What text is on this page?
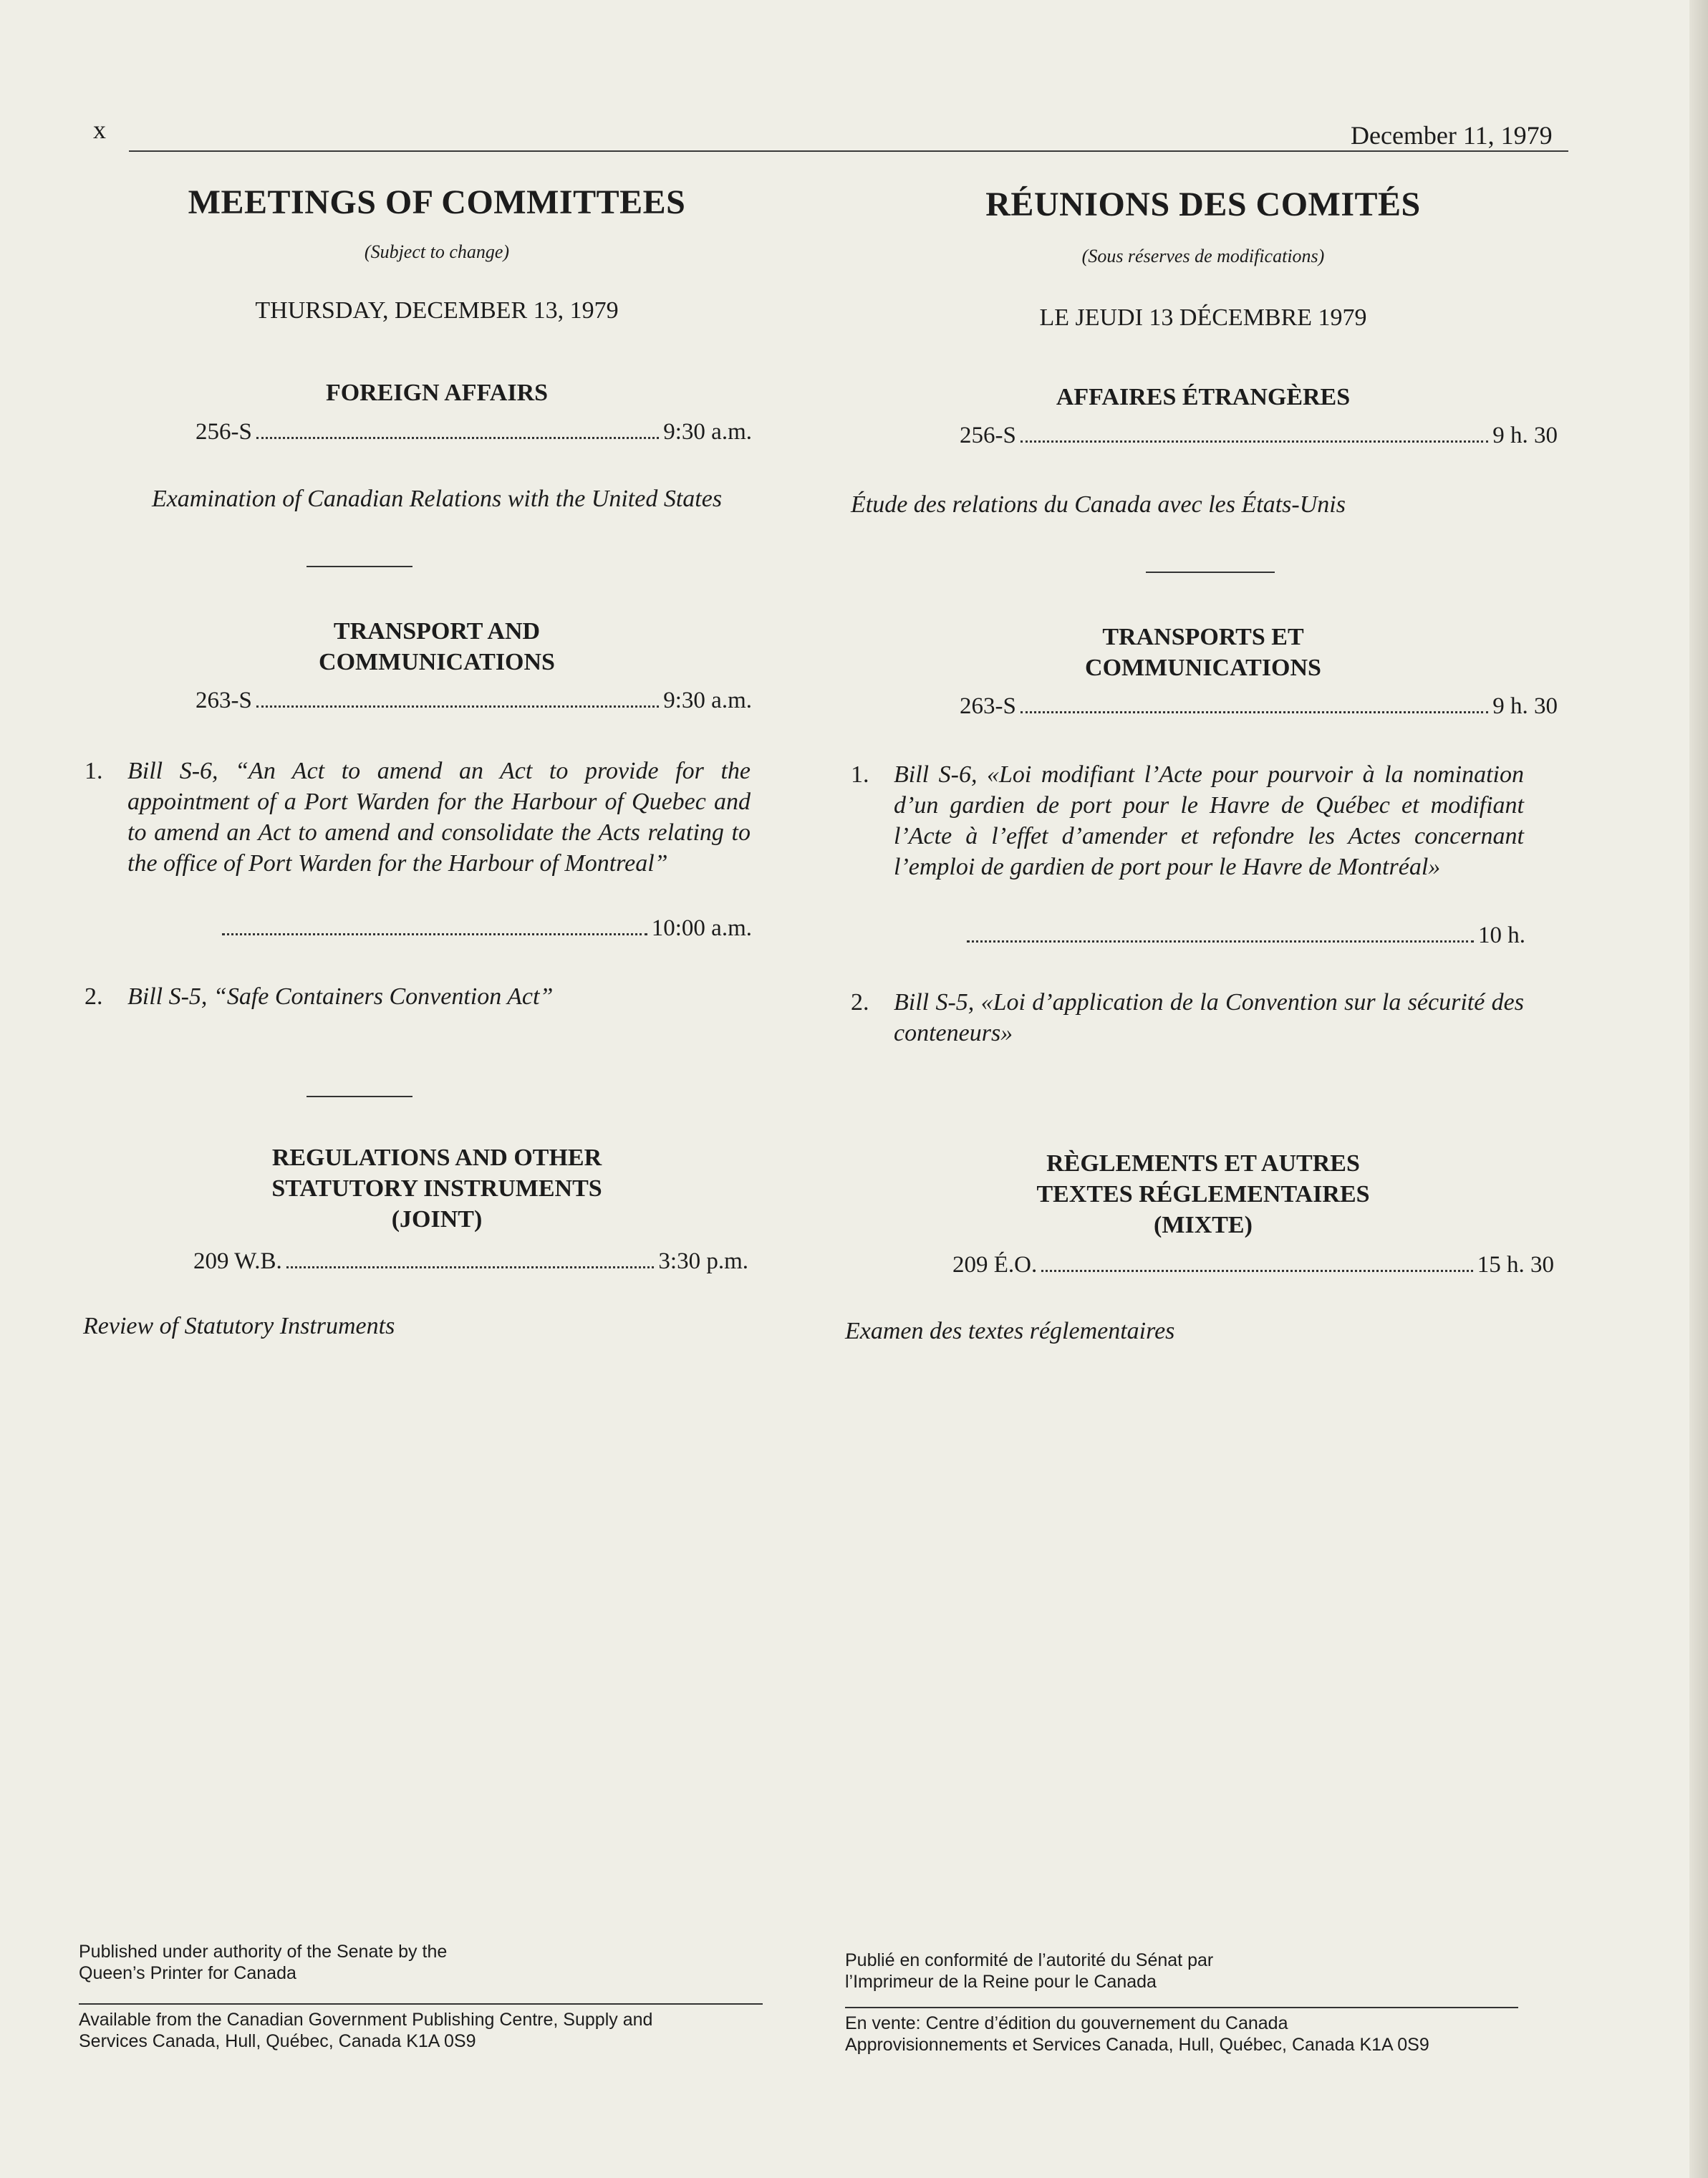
x	December 11, 1979
MEETINGS OF COMMITTEES
(Subject to change)
THURSDAY, DECEMBER 13, 1979
FOREIGN AFFAIRS
256-S	9:30 a.m.
Examination of Canadian Relations with the United States
TRANSPORT AND
COMMUNICATIONS
263-S	9:30 a.m.
1.	Bill S-6, “An Act to amend an Act to provide for the appointment of a Port Warden for the Harbour of Quebec and to amend an Act to amend and consolidate the Acts relating to the office of Port Warden for the Harbour of Montreal”
10:00 a.m.
2.	Bill S-5, “Safe Containers Convention Act”
REGULATIONS AND OTHER
STATUTORY INSTRUMENTS
(JOINT)
209 W.B.	3:30 p.m.
Review of Statutory Instruments
Published under authority of the Senate by the
Queen’s Printer for Canada
Available from the Canadian Government Publishing Centre, Supply and
Services Canada, Hull, Québec, Canada K1A 0S9
RÉUNIONS DES COMITÉS
(Sous réserves de modifications)
LE JEUDI 13 DÉCEMBRE 1979
AFFAIRES ÉTRANGÈRES
256-S	9 h. 30
Étude des relations du Canada avec les États-Unis
TRANSPORTS ET
COMMUNICATIONS
263-S	9 h. 30
1.	Bill S-6, «Loi modifiant l’Acte pour pourvoir à la nomination d’un gardien de port pour le Havre de Québec et modifiant l’Acte à l’effet d’amender et refondre les Actes concernant l’emploi de gardien de port pour le Havre de Montréal»
10 h.
2.	Bill S-5, «Loi d’application de la Convention sur la sécurité des conteneurs»
RÈGLEMENTS ET AUTRES
TEXTES RÉGLEMENTAIRES
(MIXTE)
209 É.O.	15 h. 30
Examen des textes réglementaires
Publié en conformité de l’autorité du Sénat par
l’Imprimeur de la Reine pour le Canada
En vente: Centre d’édition du gouvernement du Canada
Approvisionnements et Services Canada, Hull, Québec, Canada K1A 0S9
